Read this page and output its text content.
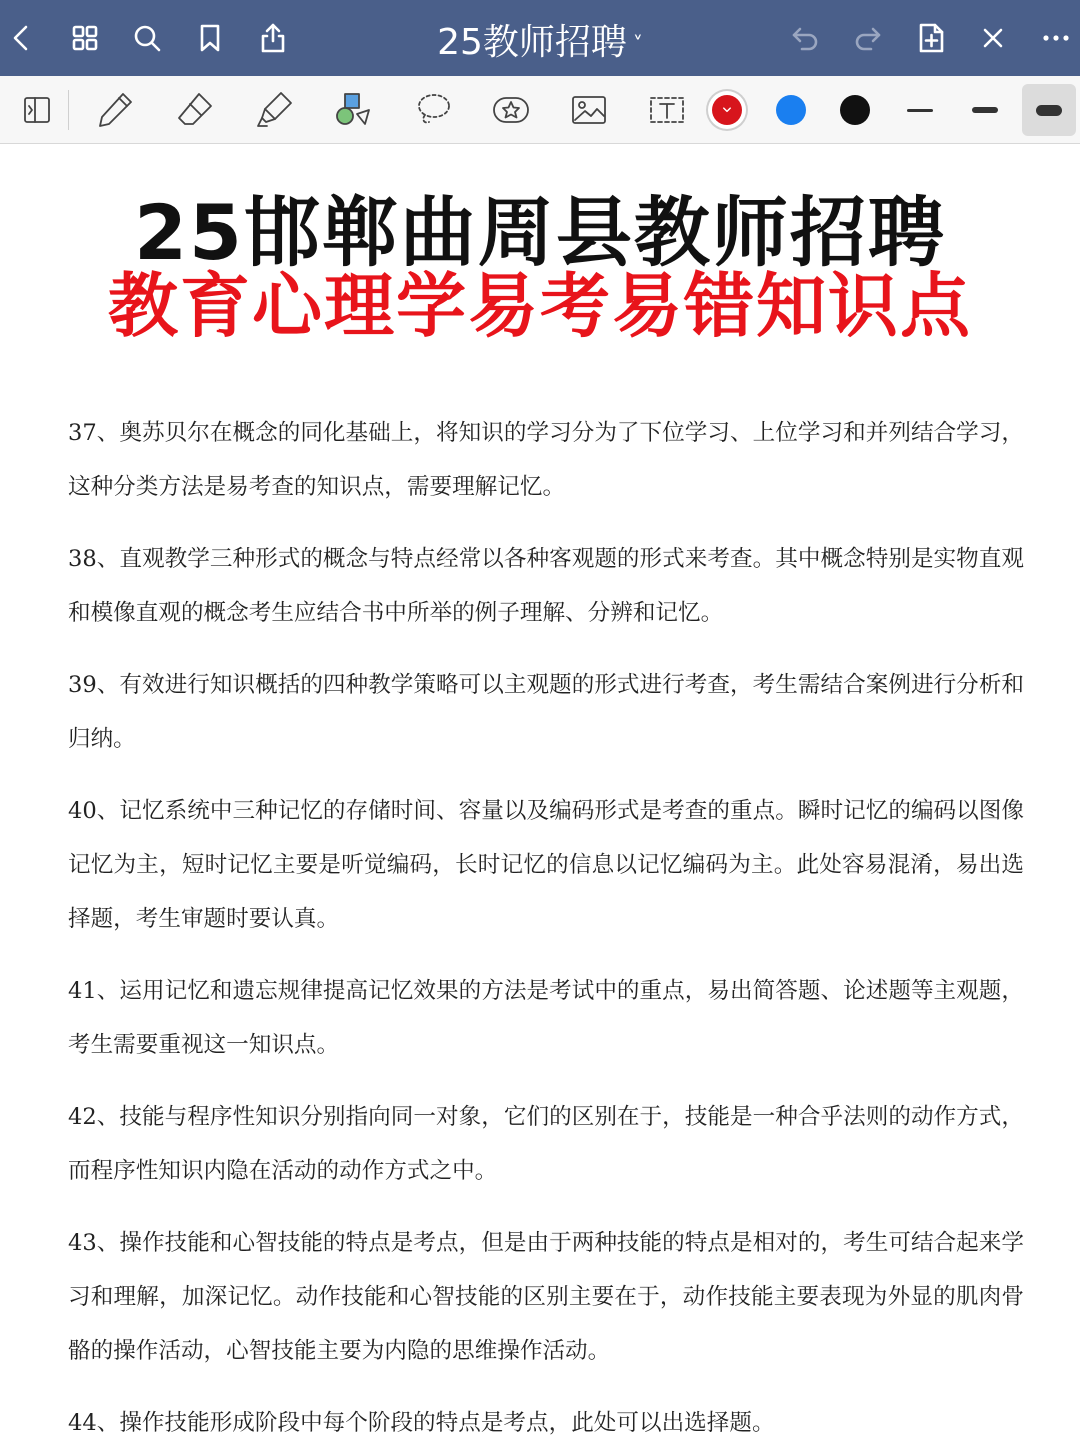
25教师招聘 ˅
25邯郸曲周县教师招聘
教育心理学易考易错知识点

37、奥苏贝尔在概念的同化基础上，将知识的学习分为了下位学习、上位学习和并列结合学习，这种分类方法是易考查的知识点，需要理解记忆。

38、直观教学三种形式的概念与特点经常以各种客观题的形式来考查。其中概念特别是实物直观和模像直观的概念考生应结合书中所举的例子理解、分辨和记忆。

39、有效进行知识概括的四种教学策略可以主观题的形式进行考查，考生需结合案例进行分析和归纳。

40、记忆系统中三种记忆的存储时间、容量以及编码形式是考查的重点。瞬时记忆的编码以图像记忆为主，短时记忆主要是听觉编码，长时记忆的信息以记忆编码为主。此处容易混淆，易出选择题，考生审题时要认真。

41、运用记忆和遗忘规律提高记忆效果的方法是考试中的重点，易出简答题、论述题等主观题，考生需要重视这一知识点。

42、技能与程序性知识分别指向同一对象，它们的区别在于，技能是一种合乎法则的动作方式，而程序性知识内隐在活动的动作方式之中。

43、操作技能和心智技能的特点是考点，但是由于两种技能的特点是相对的，考生可结合起来学习和理解，加深记忆。动作技能和心智技能的区别主要在于，动作技能主要表现为外显的肌肉骨骼的操作活动，心智技能主要为内隐的思维操作活动。

44、操作技能形成阶段中每个阶段的特点是考点，此处可以出选择题。
